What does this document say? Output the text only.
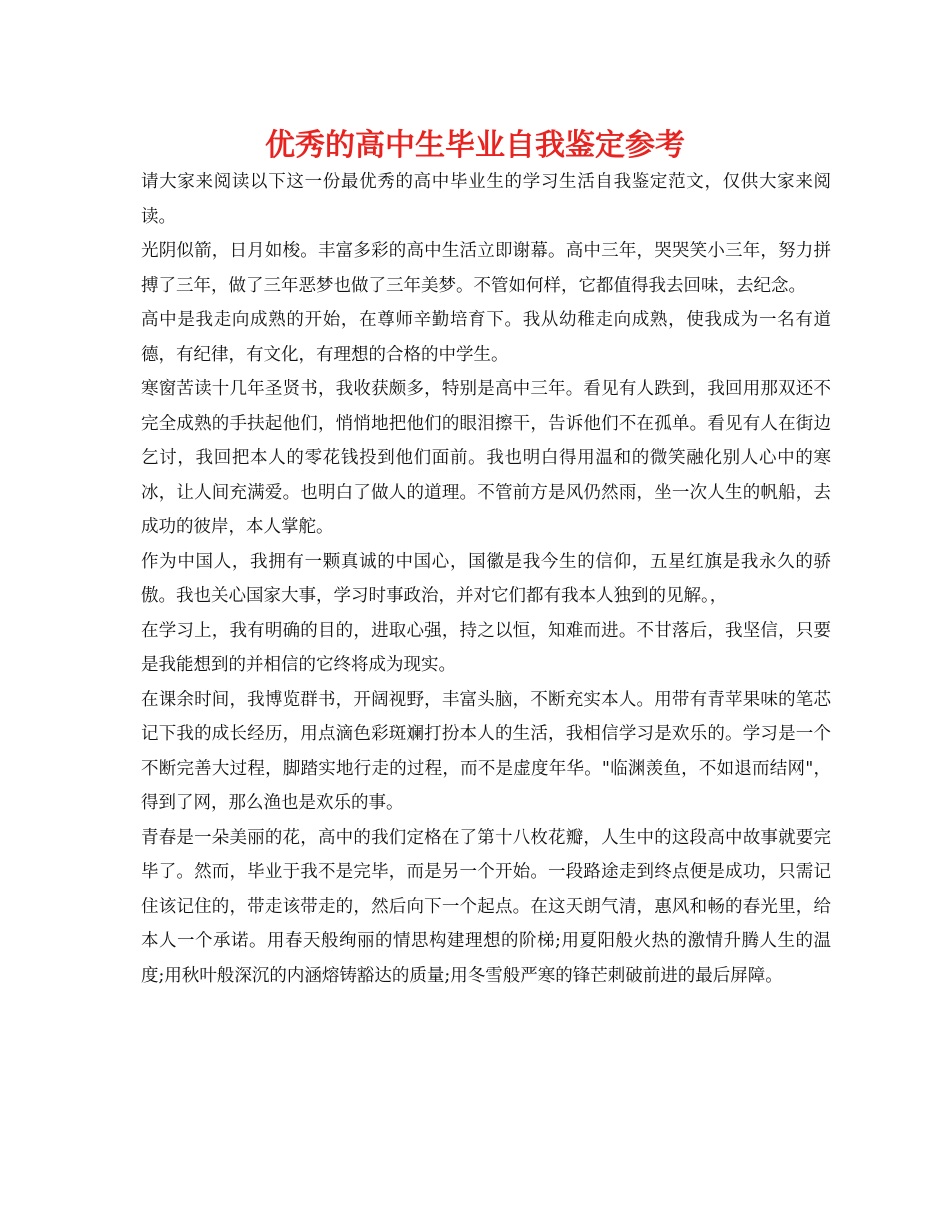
优秀的高中生毕业自我鉴定参考

请大家来阅读以下这一份最优秀的高中毕业生的学习生活自我鉴定范文，仅供大家来阅读。

光阴似箭，日月如梭。丰富多彩的高中生活立即谢幕。高中三年，哭哭笑小三年，努力拼搏了三年，做了三年恶梦也做了三年美梦。不管如何样，它都值得我去回味，去纪念。

高中是我走向成熟的开始，在尊师辛勤培育下。我从幼稚走向成熟，使我成为一名有道德，有纪律，有文化，有理想的合格的中学生。

寒窗苦读十几年圣贤书，我收获颇多，特别是高中三年。看见有人跌到，我回用那双还不完全成熟的手扶起他们，悄悄地把他们的眼泪擦干，告诉他们不在孤单。看见有人在街边乞讨，我回把本人的零花钱投到他们面前。我也明白得用温和的微笑融化别人心中的寒冰，让人间充满爱。也明白了做人的道理。不管前方是风仍然雨，坐一次人生的帆船，去成功的彼岸，本人掌舵。

作为中国人，我拥有一颗真诚的中国心，国徽是我今生的信仰，五星红旗是我永久的骄傲。我也关心国家大事，学习时事政治，并对它们都有我本人独到的见解。，

在学习上，我有明确的目的，进取心强，持之以恒，知难而进。不甘落后，我坚信，只要是我能想到的并相信的它终将成为现实。

在课余时间，我博览群书，开阔视野，丰富头脑，不断充实本人。用带有青苹果味的笔芯记下我的成长经历，用点滴色彩斑斓打扮本人的生活，我相信学习是欢乐的。学习是一个不断完善大过程，脚踏实地行走的过程，而不是虚度年华。"临渊羡鱼，不如退而结网"，得到了网，那么渔也是欢乐的事。

青春是一朵美丽的花，高中的我们定格在了第十八枚花瓣，人生中的这段高中故事就要完毕了。然而，毕业于我不是完毕，而是另一个开始。一段路途走到终点便是成功，只需记住该记住的，带走该带走的，然后向下一个起点。在这天朗气清，惠风和畅的春光里，给本人一个承诺。用春天般绚丽的情思构建理想的阶梯;用夏阳般火热的激情升腾人生的温度;用秋叶般深沉的内涵熔铸豁达的质量;用冬雪般严寒的锋芒刺破前进的最后屏障。
